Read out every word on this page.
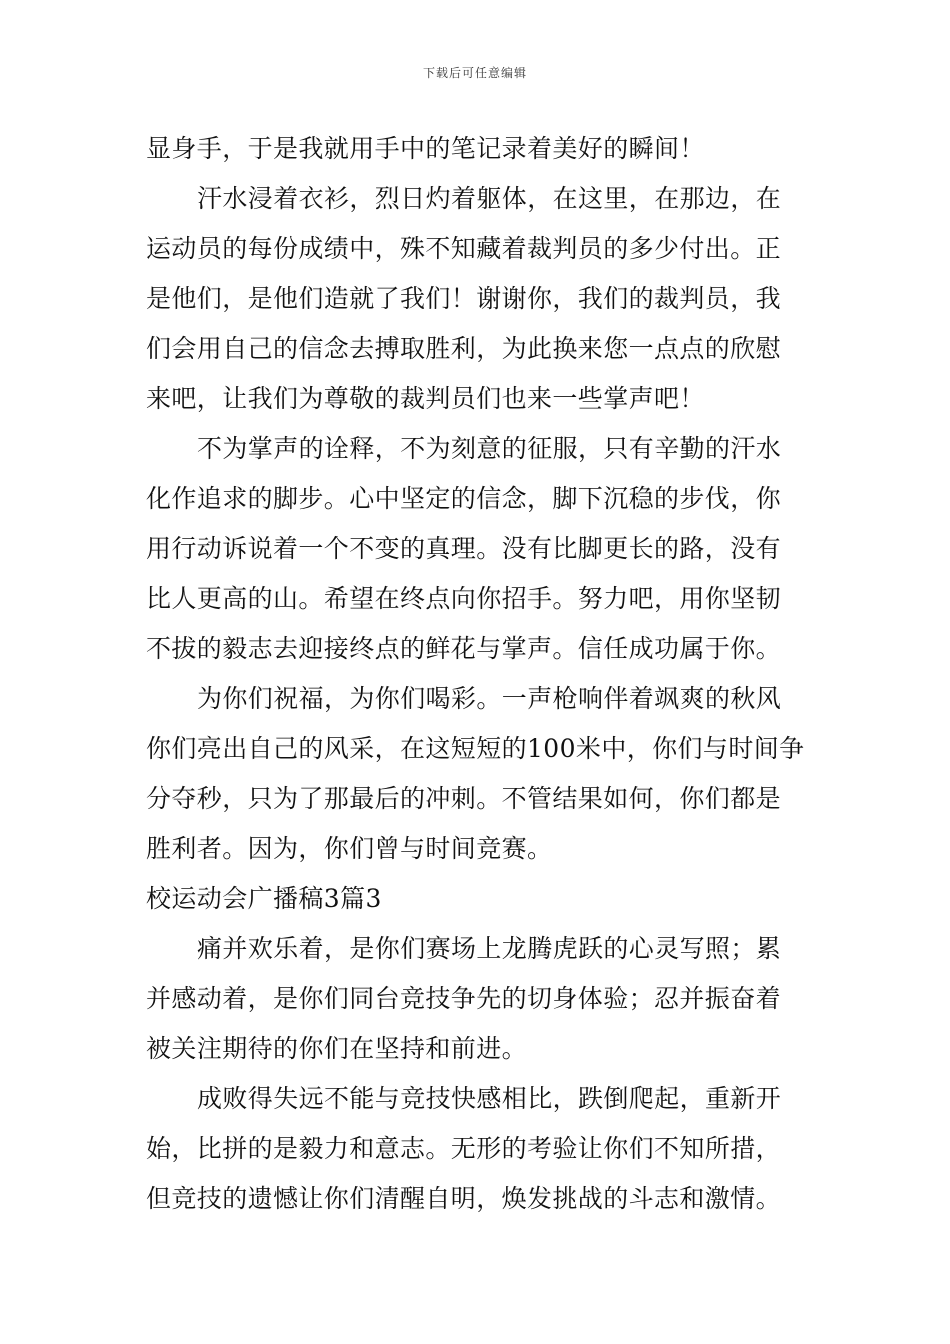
下载后可任意编辑
显身手，于是我就用手中的笔记录着美好的瞬间！
汗水浸着衣衫，烈日灼着躯体，在这里，在那边，在
运动员的每份成绩中，殊不知藏着裁判员的多少付出。正
是他们，是他们造就了我们！谢谢你，我们的裁判员，我
们会用自己的信念去搏取胜利，为此换来您一点点的欣慰
来吧，让我们为尊敬的裁判员们也来一些掌声吧！
不为掌声的诠释，不为刻意的征服，只有辛勤的汗水
化作追求的脚步。心中坚定的信念，脚下沉稳的步伐，你
用行动诉说着一个不变的真理。没有比脚更长的路，没有
比人更高的山。希望在终点向你招手。努力吧，用你坚韧
不拔的毅志去迎接终点的鲜花与掌声。信任成功属于你。
为你们祝福，为你们喝彩。一声枪响伴着飒爽的秋风
你们亮出自己的风采，在这短短的100米中，你们与时间争
分夺秒，只为了那最后的冲刺。不管结果如何，你们都是
胜利者。因为，你们曾与时间竞赛。
校运动会广播稿3篇3
痛并欢乐着，是你们赛场上龙腾虎跃的心灵写照；累
并感动着，是你们同台竞技争先的切身体验；忍并振奋着
被关注期待的你们在坚持和前进。
成败得失远不能与竞技快感相比，跌倒爬起，重新开
始，比拼的是毅力和意志。无形的考验让你们不知所措，
但竞技的遗憾让你们清醒自明，焕发挑战的斗志和激情。
